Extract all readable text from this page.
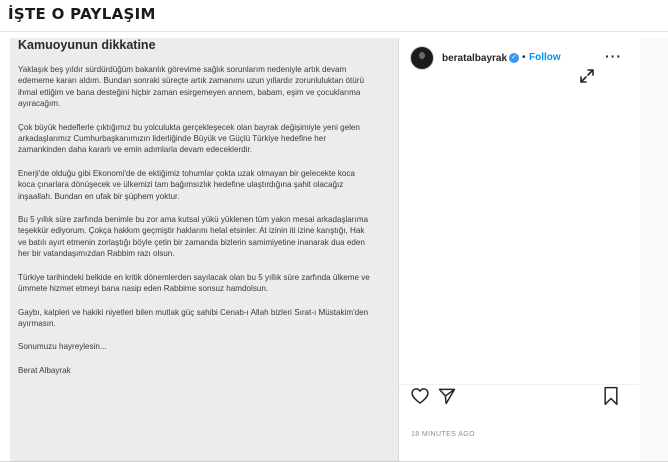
İŞTE O PAYLAŞIM
Kamuoyunun dikkatine
Yaklaşık beş yıldır sürdürdüğüm bakanlık görevime sağlık sorunlarım nedeniyle artık devam edememe kararı aldım. Bundan sonraki süreçte artık zamanımı uzun yıllardır zorunluluktan ötürü ihmal ettiğim ve bana desteğini hiçbir zaman esirgemeyen annem, babam, eşim ve çocuklarıma ayıracağım.
Çok büyük hedeflerle çıktığımız bu yolculukta gerçekleşecek olan bayrak değişimiyle yeni gelen arkadaşlarımız Cumhurbaşkanımızın liderliğinde Büyük ve Güçlü Türkiye hedefine her zamankinden daha kararlı ve emin adımlarla devam edeceklerdir.
Enerji'de olduğu gibi Ekonomi'de de ektiğimiz tohumlar çokta uzak olmayan bir gelecekte koca koca çınarlara dönüşecek ve ülkemizi tam bağımsızlık hedefine ulaştırdığına şahit olacağız inşaallah. Bundan en ufak bir şüphem yoktur.
Bu 5 yıllık süre zarfında benimle bu zor ama kutsal yükü yüklenen tüm yakın mesai arkadaşlarıma teşekkür ediyorum. Çokça hakkım geçmiştir haklarını helal etsinler. At izinin iti izine karıştığı, Hak ve batılı ayırt etmenin zorlaştığı böyle çetin bir zamanda bizlerin samimiyetine inanarak dua eden her bir vatandaşımızdan Rabbim razı olsun.
Türkiye tarihindeki belkide en kritik dönemlerden sayılacak olan bu 5 yıllık süre zarfında ülkeme ve ümmete hizmet etmeyi bana nasip eden Rabbime sonsuz hamdolsun.
Gaybı, kalpleri ve hakiki niyetleri bilen mutlak güç sahibi Cenab-ı Allah bizleri Sırat-ı Müstakim'den ayırmasın.
Sonumuzu hayreylesin...
Berat Albayrak
beratalbayrak ✓ • Follow	···
18 MINUTES AGO
